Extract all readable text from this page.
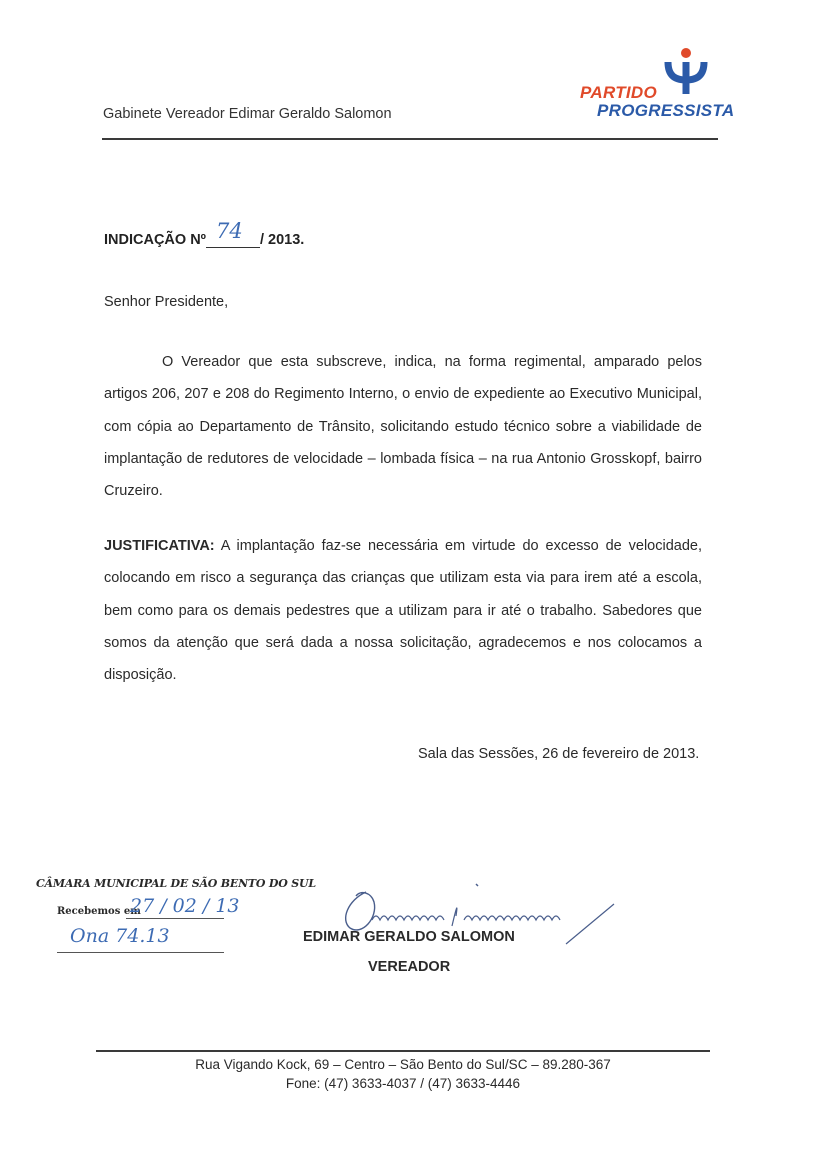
Gabinete Vereador Edimar Geraldo Salomon
PARTIDO
PROGRESSISTA
INDICAÇÃO Nº 74 / 2013.
Senhor Presidente,
O Vereador que esta subscreve, indica, na forma regimental, amparado pelos artigos 206, 207 e 208 do Regimento Interno, o envio de expediente ao Executivo Municipal, com cópia ao Departamento de Trânsito, solicitando estudo técnico sobre a viabilidade de implantação de redutores de velocidade – lombada física – na rua Antonio Grosskopf, bairro Cruzeiro.
JUSTIFICATIVA: A implantação faz-se necessária em virtude do excesso de velocidade, colocando em risco a segurança das crianças que utilizam esta via para irem até a escola, bem como para os demais pedestres que a utilizam para ir até o trabalho. Sabedores que somos da atenção que será dada a nossa solicitação, agradecemos e nos colocamos a disposição.
Sala das Sessões, 26 de fevereiro de 2013.
CÂMARA MUNICIPAL DE SÃO BENTO DO SUL
Recebemos em
27 / 02 / 13
Ona 74.13	EDIMAR GERALDO SALOMON
VEREADOR
Rua Vigando Kock, 69 – Centro – São Bento do Sul/SC – 89.280-367
Fone: (47) 3633-4037 / (47) 3633-4446
